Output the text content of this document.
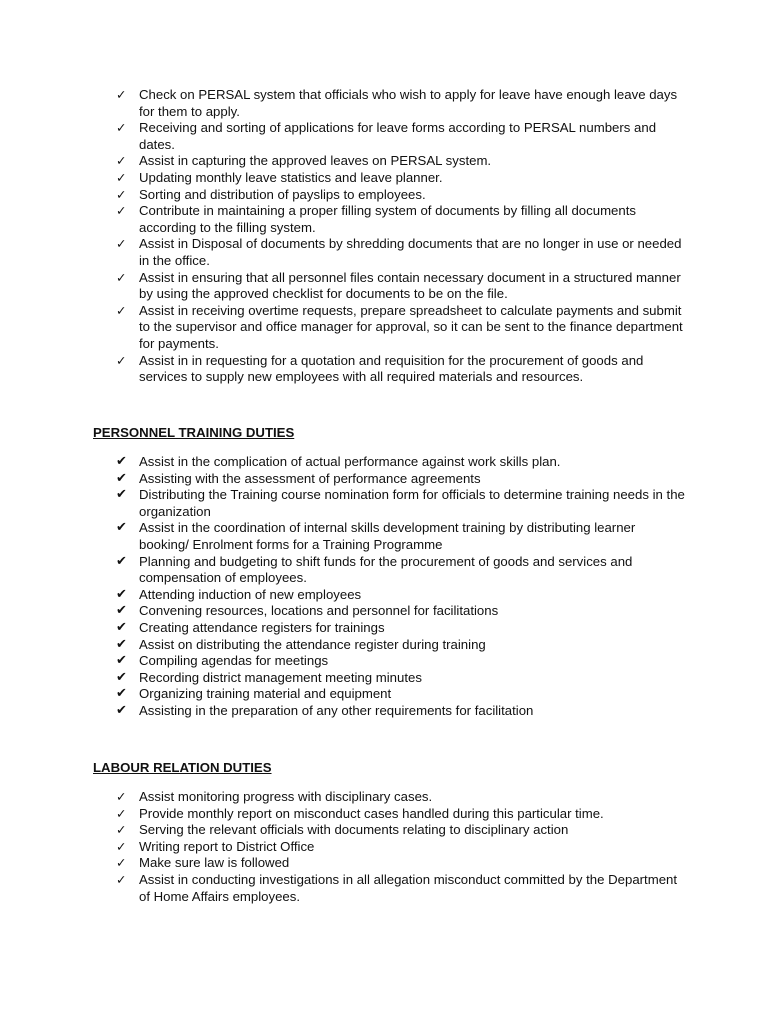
✓ Check on PERSAL system that officials who wish to apply for leave have enough leave days for them to apply.
✓ Receiving and sorting of applications for leave forms according to PERSAL numbers and dates.
✓ Assist in capturing the approved leaves on PERSAL system.
✓ Updating monthly leave statistics and leave planner.
✓ Sorting and distribution of payslips to employees.
✓ Contribute in maintaining a proper filling system of documents by filling all documents according to the filling system.
✓ Assist in Disposal of documents by shredding documents that are no longer in use or needed in the office.
✓ Assist in ensuring that all personnel files contain necessary document in a structured manner by using the approved checklist for documents to be on the file.
✓ Assist in receiving overtime requests, prepare spreadsheet to calculate payments and submit to the supervisor and office manager for approval, so it can be sent to the finance department for payments.
✓ Assist in in requesting for a quotation and requisition for the procurement of goods and services to supply new employees with all required materials and resources.
PERSONNEL TRAINING DUTIES
✔ Assist in the complication of actual performance against work skills plan.
✔ Assisting with the assessment of performance agreements
✔ Distributing the Training course nomination form for officials to determine training needs in the organization
✔ Assist in the coordination of internal skills development training by distributing learner booking/ Enrolment forms for a Training Programme
✔ Planning and budgeting to shift funds for the procurement of goods and services and compensation of employees.
✔ Attending induction of new employees
✔ Convening resources, locations and personnel for facilitations
✔ Creating attendance registers for trainings
✔ Assist on distributing the attendance register during training
✔ Compiling agendas for meetings
✔ Recording district management meeting minutes
✔ Organizing training material and equipment
✔ Assisting in the preparation of any other requirements for facilitation
LABOUR RELATION DUTIES
✓ Assist monitoring progress with disciplinary cases.
✓ Provide monthly report on misconduct cases handled during this particular time.
✓ Serving the relevant officials with documents relating to disciplinary action
✓ Writing report to District Office
✓ Make sure law is followed
✓ Assist in conducting investigations in all allegation misconduct committed by the Department of Home Affairs employees.
